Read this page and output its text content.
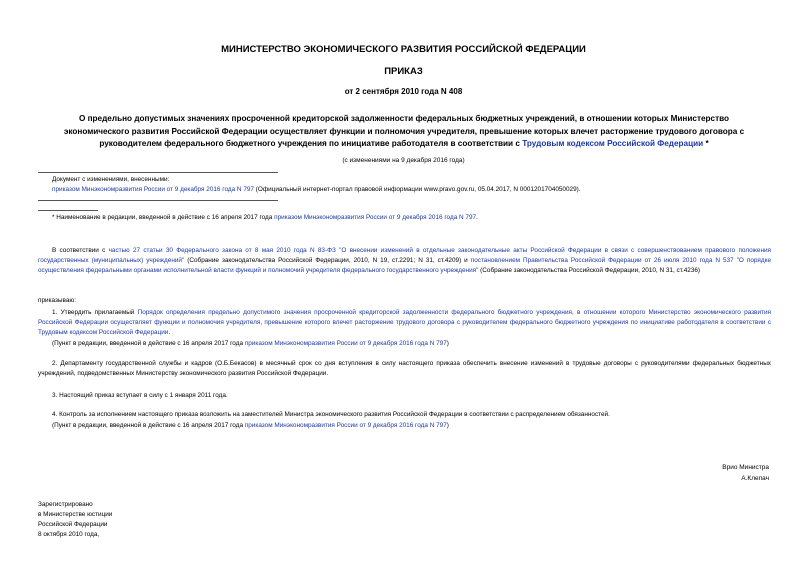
МИНИСТЕРСТВО ЭКОНОМИЧЕСКОГО РАЗВИТИЯ РОССИЙСКОЙ ФЕДЕРАЦИИ
ПРИКАЗ
от 2 сентября 2010 года N 408
О предельно допустимых значениях просроченной кредиторской задолженности федеральных бюджетных учреждений, в отношении которых Министерство экономического развития Российской Федерации осуществляет функции и полномочия учредителя, превышение которых влечет расторжение трудового договора с руководителем федерального бюджетного учреждения по инициативе работодателя в соответствии с Трудовым кодексом Российской Федерации *
(с изменениями на 9 декабря 2016 года)
Документ с изменениями, внесенными:
приказом Минэкономразвития России от 9 декабря 2016 года N 797 (Официальный интернет-портал правовой информации www.pravo.gov.ru, 05.04.2017, N 0001201704050029).
* Наименование в редакции, введенной в действие с 16 апреля 2017 года приказом Минэкономразвития России от 9 декабря 2016 года N 797.
В соответствии с частью 27 статьи 30 Федерального закона от 8 мая 2010 года N 83-ФЗ "О внесении изменений в отдельные законодательные акты Российской Федерации в связи с совершенствованием правового положения государственных (муниципальных) учреждений" (Собрание законодательства Российской Федерации, 2010, N 19, ст.2291; N 31, ст.4209) и постановлением Правительства Российской Федерации от 26 июля 2010 года N 537 "О порядке осуществления федеральными органами исполнительной власти функций и полномочий учредителя федерального государственного учреждения" (Собрание законодательства Российской Федерации, 2010, N 31, ст.4236)
приказываю:
1. Утвердить прилагаемый Порядок определения предельно допустимого значения просроченной кредиторской задолженности федерального бюджетного учреждения, в отношении которого Министерство экономического развития Российской Федерации осуществляет функции и полномочия учредителя, превышение которого влечет расторжение трудового договора с руководителем федерального бюджетного учреждения по инициативе работодателя в соответствии с Трудовым кодексом Российской Федерации.
(Пункт в редакции, введенной в действие с 16 апреля 2017 года приказом Минэкономразвития России от 9 декабря 2016 года N 797)
2. Департаменту государственной службы и кадров (О.Б.Бекасов) в месячный срок со дня вступления в силу настоящего приказа обеспечить внесение изменений в трудовые договоры с руководителями федеральных бюджетных учреждений, подведомственных Министерству экономического развития Российской Федерации.
3. Настоящий приказ вступает в силу с 1 января 2011 года.
4. Контроль за исполнением настоящего приказа возложить на заместителей Министра экономического развития Российской Федерации в соответствии с распределением обязанностей.
(Пункт в редакции, введенной в действие с 16 апреля 2017 года приказом Минэкономразвития России от 9 декабря 2016 года N 797)
Врио Министра
А.Клепач
Зарегистрировано
в Министерстве юстиции
Российской Федерации
8 октября 2010 года,
